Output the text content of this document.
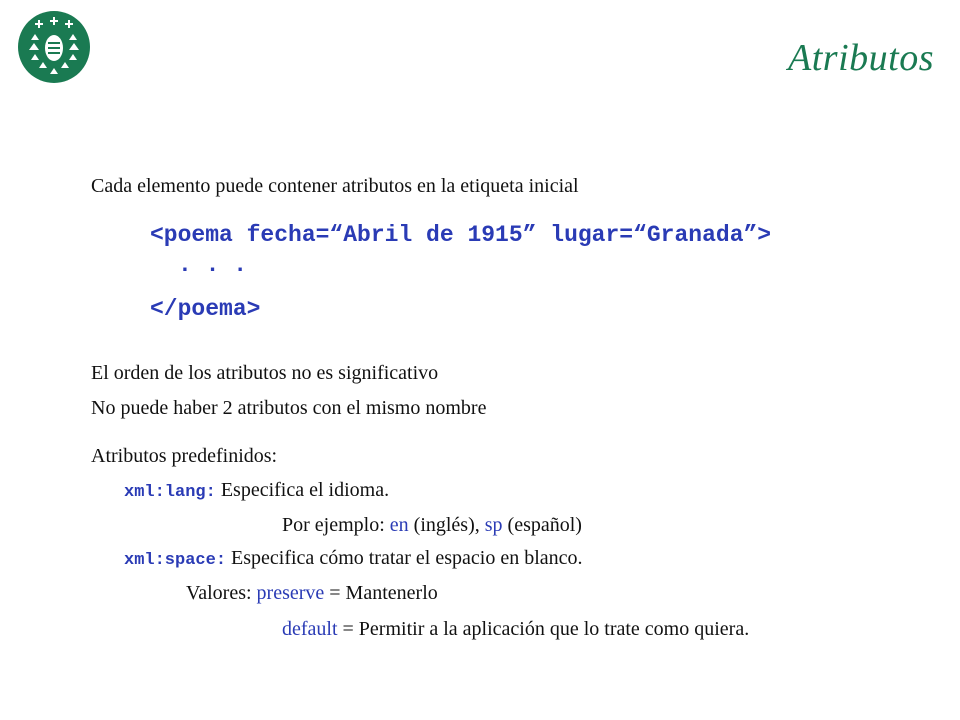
Atributos
Cada elemento puede contener atributos en la etiqueta inicial
<poema fecha=“Abril de 1915” lugar=“Granada”>
. . .
</poema>
El orden de los atributos no es significativo
No puede haber 2 atributos con el mismo nombre
Atributos predefinidos:
xml:lang: Especifica el idioma.
Por ejemplo: en (inglés), sp (español)
xml:space: Especifica cómo tratar el espacio en blanco.
Valores: preserve = Mantenerlo
default = Permitir a la aplicación que lo trate como quiera.
